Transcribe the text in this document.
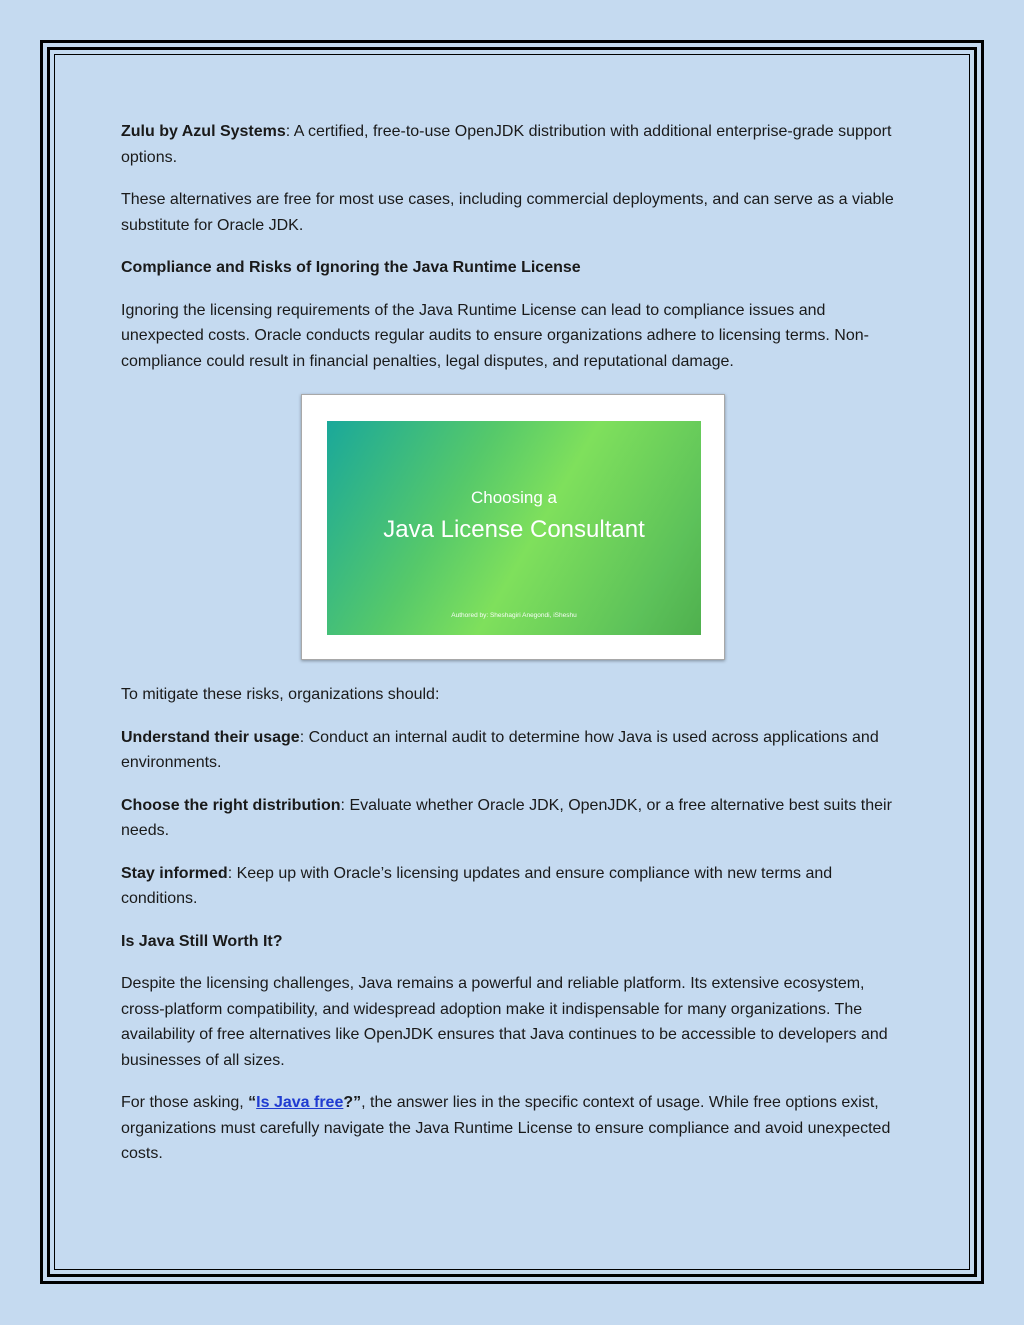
Zulu by Azul Systems: A certified, free-to-use OpenJDK distribution with additional enterprise-grade support options.

These alternatives are free for most use cases, including commercial deployments, and can serve as a viable substitute for Oracle JDK.

Compliance and Risks of Ignoring the Java Runtime License

Ignoring the licensing requirements of the Java Runtime License can lead to compliance issues and unexpected costs. Oracle conducts regular audits to ensure organizations adhere to licensing terms. Non-compliance could result in financial penalties, legal disputes, and reputational damage.

Choosing a
Java License Consultant
Authored by: Sheshagiri Anegondi, iSheshu

To mitigate these risks, organizations should:

Understand their usage: Conduct an internal audit to determine how Java is used across applications and environments.

Choose the right distribution: Evaluate whether Oracle JDK, OpenJDK, or a free alternative best suits their needs.

Stay informed: Keep up with Oracle’s licensing updates and ensure compliance with new terms and conditions.

Is Java Still Worth It?

Despite the licensing challenges, Java remains a powerful and reliable platform. Its extensive ecosystem, cross-platform compatibility, and widespread adoption make it indispensable for many organizations. The availability of free alternatives like OpenJDK ensures that Java continues to be accessible to developers and businesses of all sizes.

For those asking, “Is Java free?”, the answer lies in the specific context of usage. While free options exist, organizations must carefully navigate the Java Runtime License to ensure compliance and avoid unexpected costs.
